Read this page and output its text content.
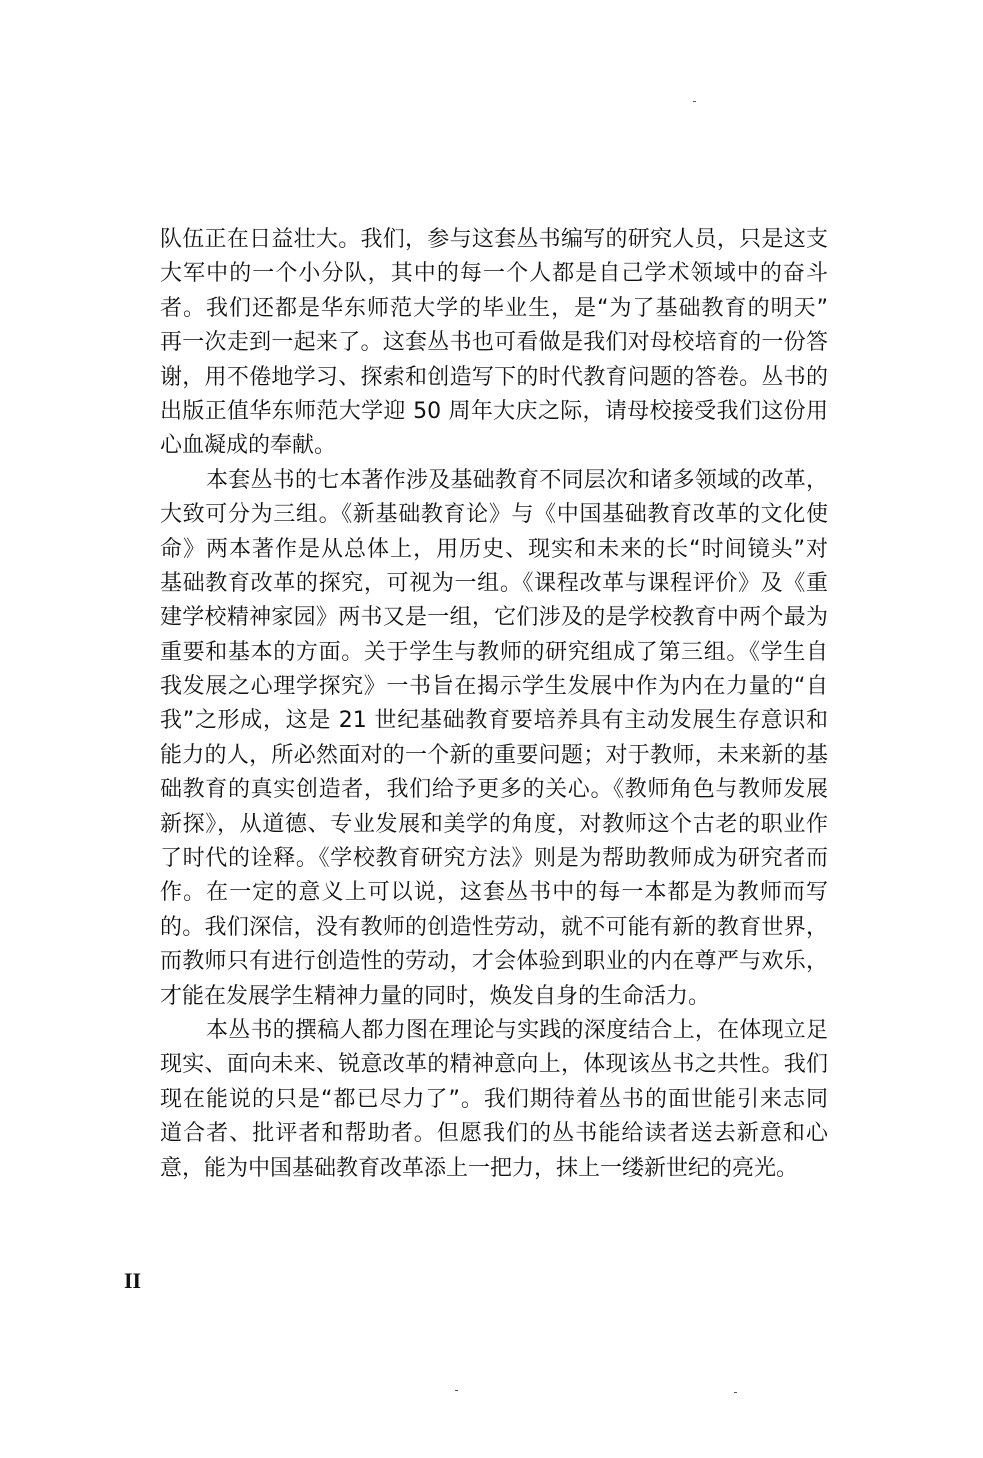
队伍正在日益壮大。我们，参与这套丛书编写的研究人员，只是这支
大军中的一个小分队，其中的每一个人都是自己学术领域中的奋斗
者。我们还都是华东师范大学的毕业生，是“为了基础教育的明天”
再一次走到一起来了。这套丛书也可看做是我们对母校培育的一份答
谢，用不倦地学习、探索和创造写下的时代教育问题的答卷。丛书的
出版正值华东师范大学迎 50 周年大庆之际，请母校接受我们这份用
心血凝成的奉献。
本套丛书的七本著作涉及基础教育不同层次和诸多领域的改革，
大致可分为三组。《新基础教育论》与《中国基础教育改革的文化使
命》两本著作是从总体上，用历史、现实和未来的长“时间镜头”对
基础教育改革的探究，可视为一组。《课程改革与课程评价》及《重
建学校精神家园》两书又是一组，它们涉及的是学校教育中两个最为
重要和基本的方面。关于学生与教师的研究组成了第三组。《学生自
我发展之心理学探究》一书旨在揭示学生发展中作为内在力量的“自
我”之形成，这是 21 世纪基础教育要培养具有主动发展生存意识和
能力的人，所必然面对的一个新的重要问题；对于教师，未来新的基
础教育的真实创造者，我们给予更多的关心。《教师角色与教师发展
新探》，从道德、专业发展和美学的角度，对教师这个古老的职业作
了时代的诠释。《学校教育研究方法》则是为帮助教师成为研究者而
作。在一定的意义上可以说，这套丛书中的每一本都是为教师而写
的。我们深信，没有教师的创造性劳动，就不可能有新的教育世界，
而教师只有进行创造性的劳动，才会体验到职业的内在尊严与欢乐，
才能在发展学生精神力量的同时，焕发自身的生命活力。
本丛书的撰稿人都力图在理论与实践的深度结合上，在体现立足
现实、面向未来、锐意改革的精神意向上，体现该丛书之共性。我们
现在能说的只是“都已尽力了”。我们期待着丛书的面世能引来志同
道合者、批评者和帮助者。但愿我们的丛书能给读者送去新意和心
意，能为中国基础教育改革添上一把力，抹上一缕新世纪的亮光。
II
